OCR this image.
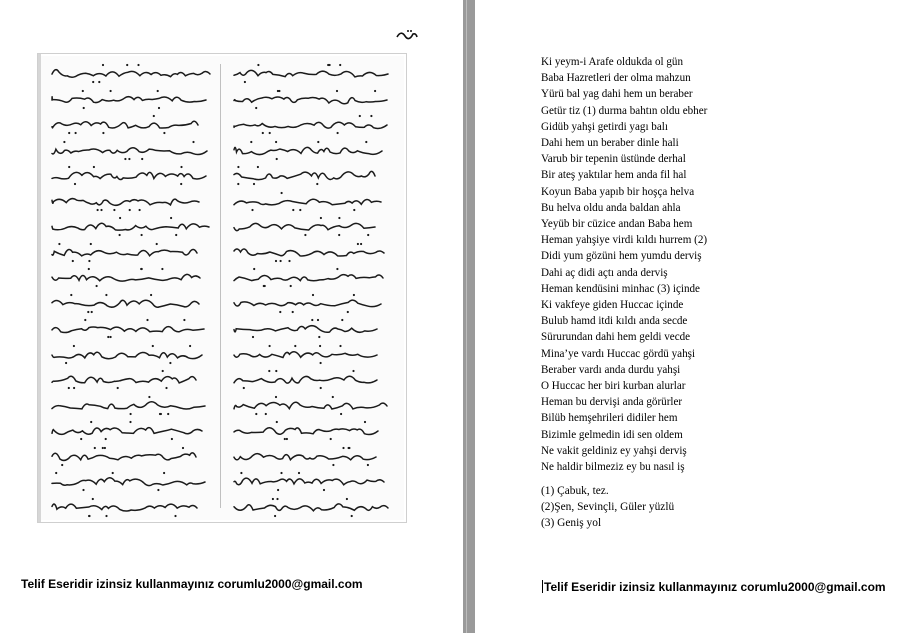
Telif Eseridir izinsiz kullanmayınız corumlu2000@gmail.com
Ki yeym-i Arafe oldukda ol gün
Baba Hazretleri der olma mahzun
Yürü bal yag dahi hem un beraber
Getür tiz (1) durma bahtın oldu ebher
Gidüb yahşi getirdi yagı balı
Dahi hem un beraber dinle hali
Varub bir tepenin üstünde derhal
Bir ateş yaktılar hem anda fil hal
Koyun Baba yapıb bir hoşça helva
Bu helva oldu anda baldan ahla
Yeyüb bir cüzice andan Baba hem
Heman yahşiye virdi kıldı hurrem (2)
Didi yum gözüni hem yumdu derviş
Dahi aç didi açtı anda derviş
Heman kendüsini minhac (3) içinde
Ki vakfeye giden Huccac içinde
Bulub hamd itdi kıldı anda secde
Sürurundan dahi hem geldi vecde
Mina’ye vardı Huccac gördü yahşi
Beraber vardı anda durdu yahşi
O Huccac her biri kurban alurlar
Heman bu dervişi anda görürler
Bilüb hemşehrileri didiler hem
Bizimle gelmedin idi sen oldem
Ne vakit geldiniz ey yahşi derviş
Ne haldir bilmeziz ey bu nasıl iş
(1) Çabuk, tez.
(2)Şen, Sevinçli, Güler yüzlü
(3) Geniş yol
Telif Eseridir izinsiz kullanmayınız corumlu2000@gmail.com
